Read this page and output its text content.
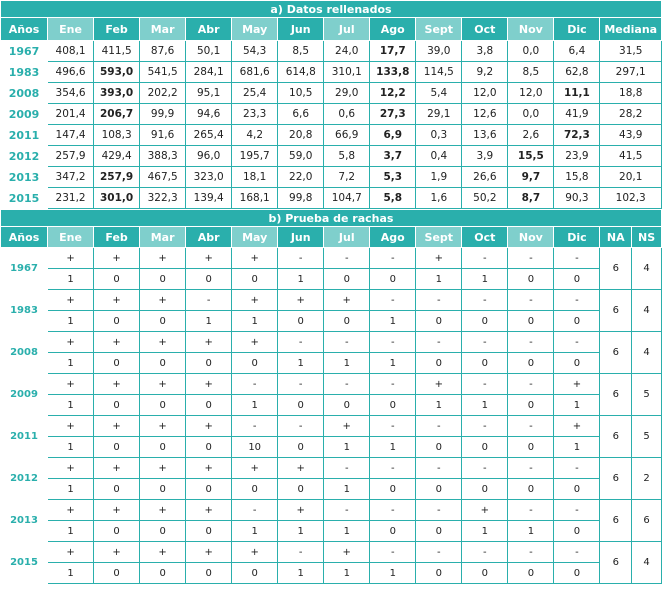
a) Datos rellenados													
Años	Ene	Feb	Mar	Abr	May	Jun	Jul	Ago	Sept	Oct	Nov	Dic	Mediana
1967	408,1	411,5	87,6	50,1	54,3	8,5	24,0	17,7	39,0	3,8	0,0	6,4	31,5
1983	496,6	593,0	541,5	284,1	681,6	614,8	310,1	133,8	114,5	9,2	8,5	62,8	297,1
2008	354,6	393,0	202,2	95,1	25,4	10,5	29,0	12,2	5,4	12,0	12,0	11,1	18,8
2009	201,4	206,7	99,9	94,6	23,3	6,6	0,6	27,3	29,1	12,6	0,0	41,9	28,2
2011	147,4	108,3	91,6	265,4	4,2	20,8	66,9	6,9	0,3	13,6	2,6	72,3	43,9
2012	257,9	429,4	388,3	96,0	195,7	59,0	5,8	3,7	0,4	3,9	15,5	23,9	41,5
2013	347,2	257,9	467,5	323,0	18,1	22,0	7,2	5,3	1,9	26,6	9,7	15,8	20,1
2015	231,2	301,0	322,3	139,4	168,1	99,8	104,7	5,8	1,6	50,2	8,7	90,3	102,3
b) Prueba de rachas														
Años	Ene	Feb	Mar	Abr	May	Jun	Jul	Ago	Sept	Oct	Nov	Dic	NA	NS
1967	+	+	+	+	+	-	-	-	+	-	-	-	6	4
	1	0	0	0	0	1	0	0	1	1	0	0		
1983	+	+	+	-	+	+	+	-	-	-	-	-	6	4
	1	0	0	1	1	0	0	1	0	0	0	0		
2008	+	+	+	+	+	-	-	-	-	-	-	-	6	4
	1	0	0	0	0	1	1	1	0	0	0	0		
2009	+	+	+	+	-	-	-	-	+	-	-	+	6	5
	1	0	0	0	1	0	0	0	1	1	0	1		
2011	+	+	+	+	-	-	+	-	-	-	-	+	6	5
	1	0	0	0	10	0	1	1	0	0	0	1		
2012	+	+	+	+	+	+	-	-	-	-	-	-	6	2
	1	0	0	0	0	0	1	0	0	0	0	0		
2013	+	+	+	+	-	+	-	-	-	+	-	-	6	6
	1	0	0	0	1	1	1	0	0	1	1	0		
2015	+	+	+	+	+	-	+	-	-	-	-	-	6	4
	1	0	0	0	0	1	1	1	0	0	0	0		
